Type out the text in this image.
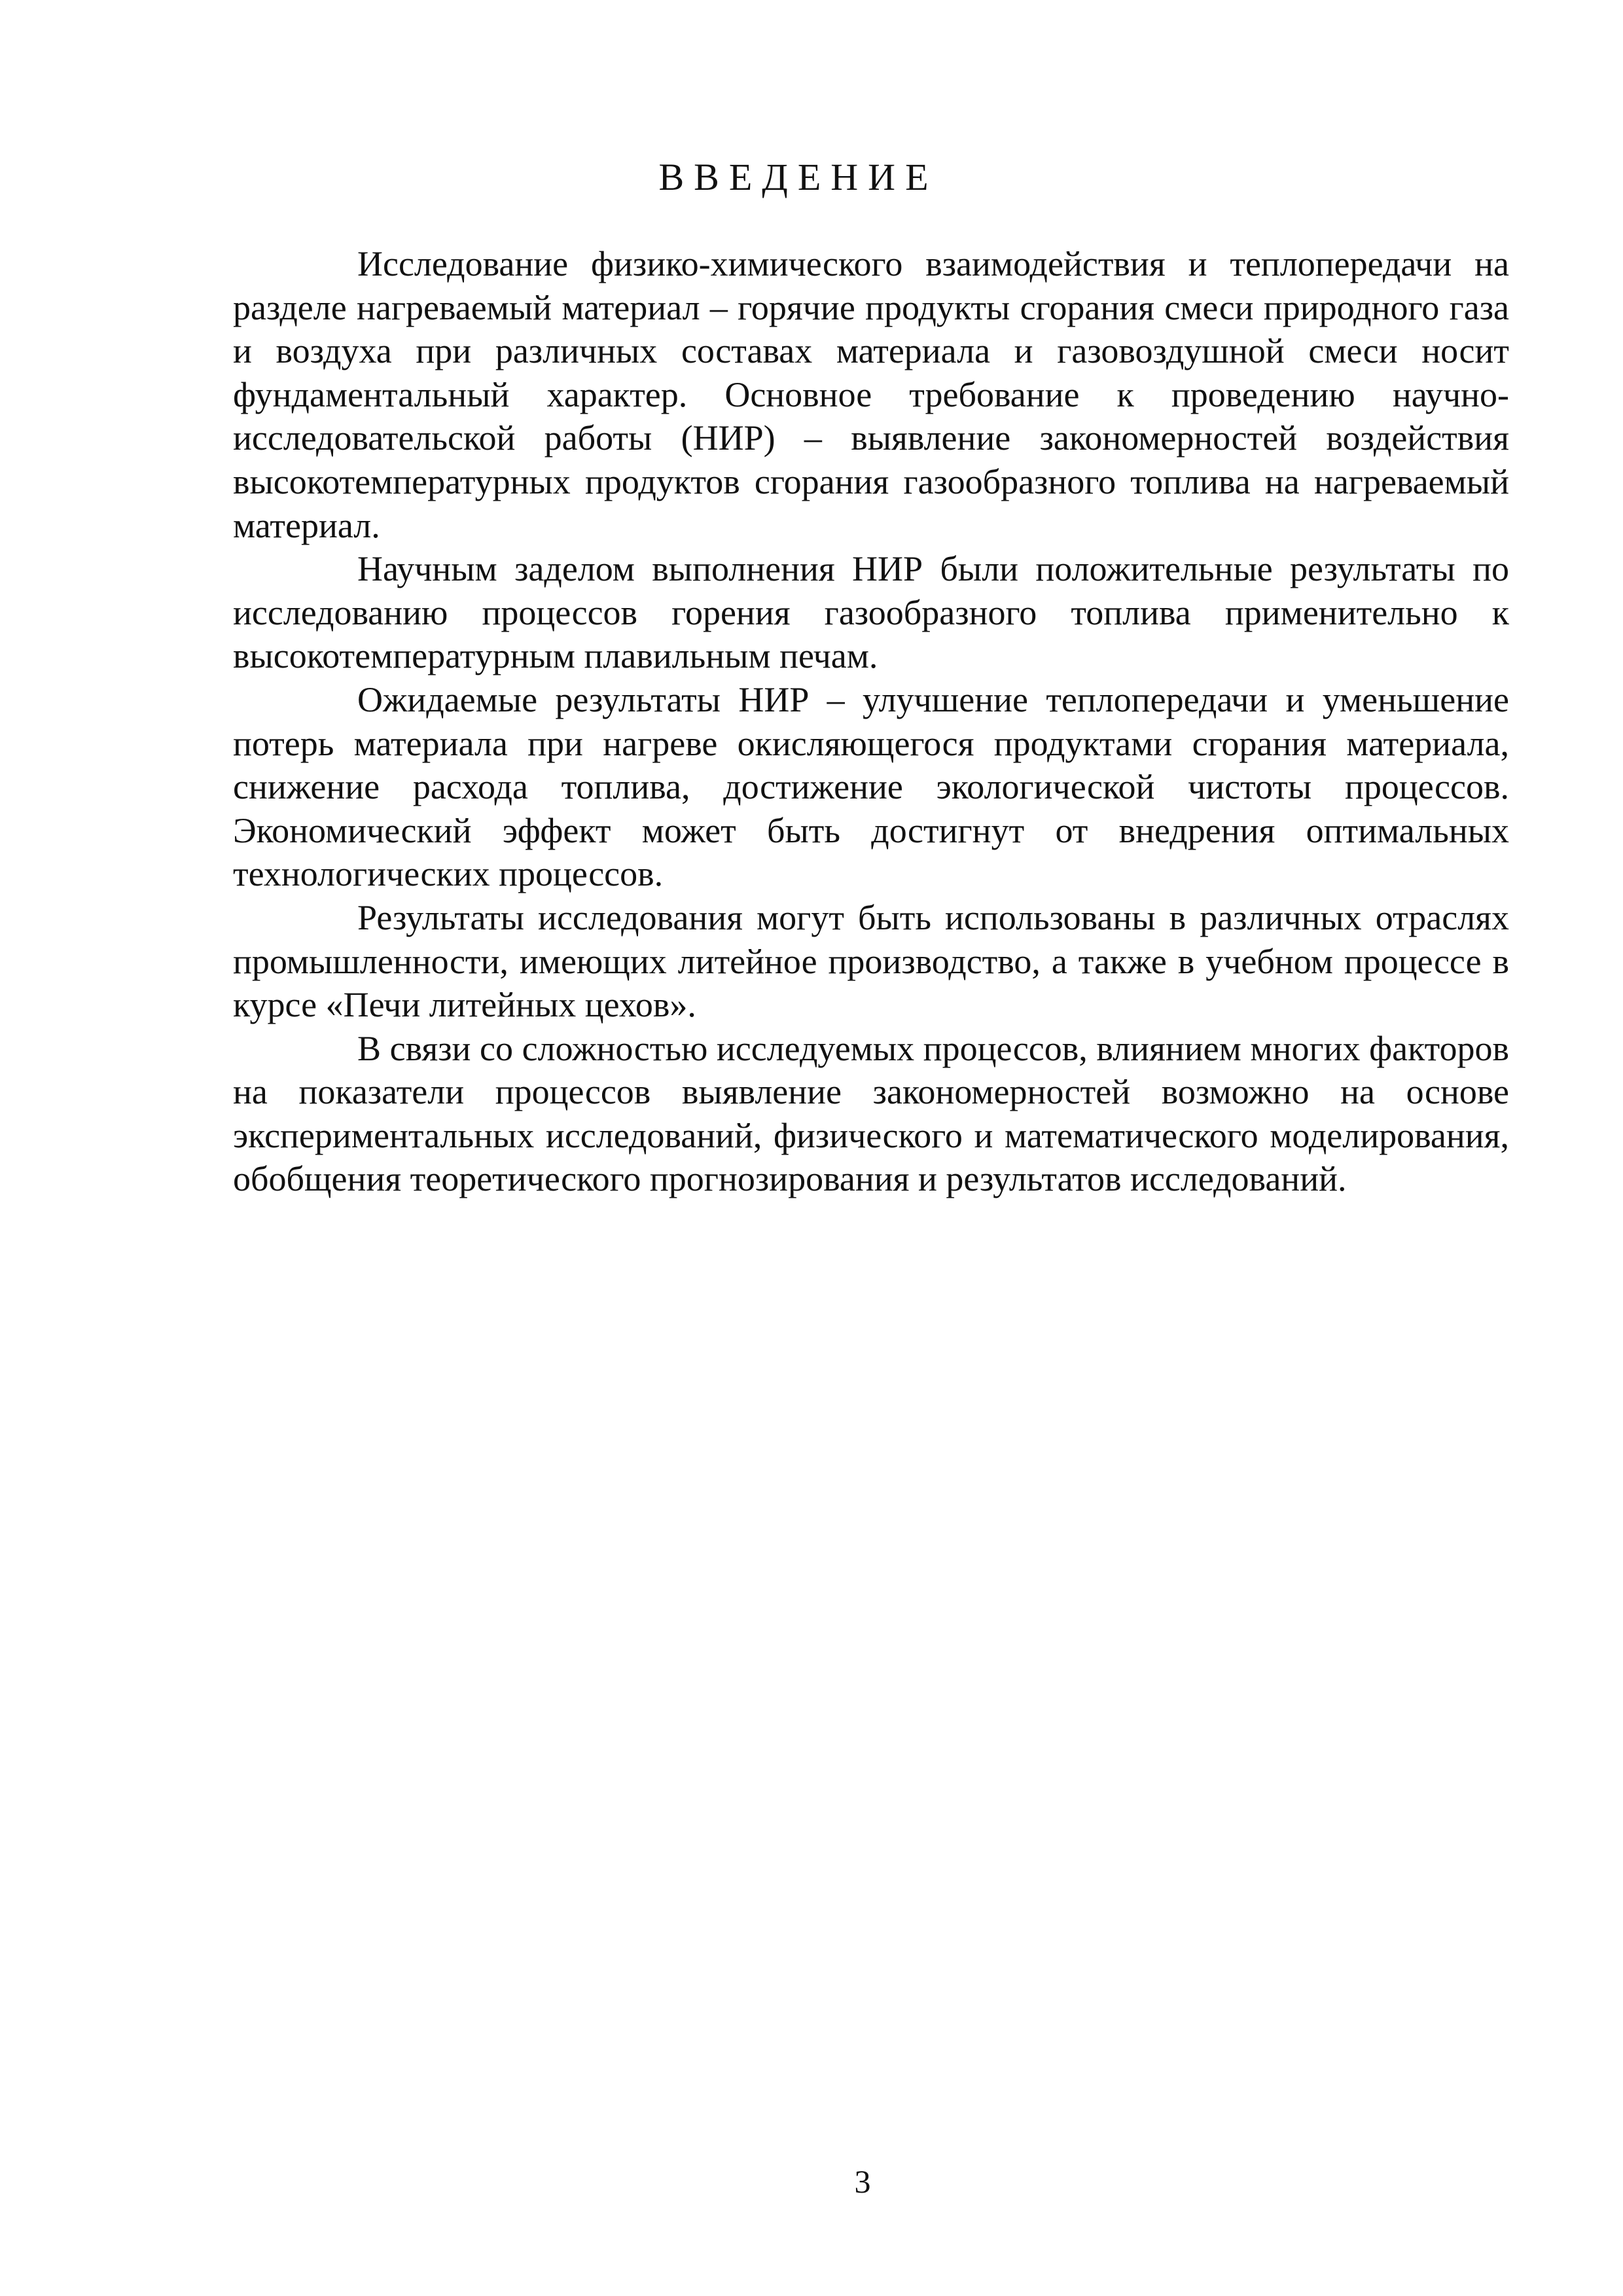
ВВЕДЕНИЕ

Исследование физико-химического взаимодействия и теплопередачи на разделе нагреваемый материал – горячие продукты сгорания смеси природного газа и воздуха при различных составах материала и газовоздушной смеси носит фундаментальный характер. Основное требование к проведению научно-исследовательской работы (НИР) – выявление закономерностей воздействия высокотемпературных продуктов сгорания газообразного топлива на нагреваемый материал.

Научным заделом выполнения НИР были положительные результаты по исследованию процессов горения газообразного топлива применительно к высокотемпературным плавильным печам.

Ожидаемые результаты НИР – улучшение теплопередачи и уменьшение потерь материала при нагреве окисляющегося продуктами сгорания материала, снижение расхода топлива, достижение экологической чистоты процессов. Экономический эффект может быть достигнут от внедрения оптимальных технологических процессов.

Результаты исследования могут быть использованы в различных отраслях промышленности, имеющих литейное производство, а также в учебном процессе в курсе «Печи литейных цехов».

В связи со сложностью исследуемых процессов, влиянием многих факторов на показатели процессов выявление закономерностей возможно на основе экспериментальных исследований, физического и математического моделирования, обобщения теоретического прогнозирования и результатов исследований.

3
